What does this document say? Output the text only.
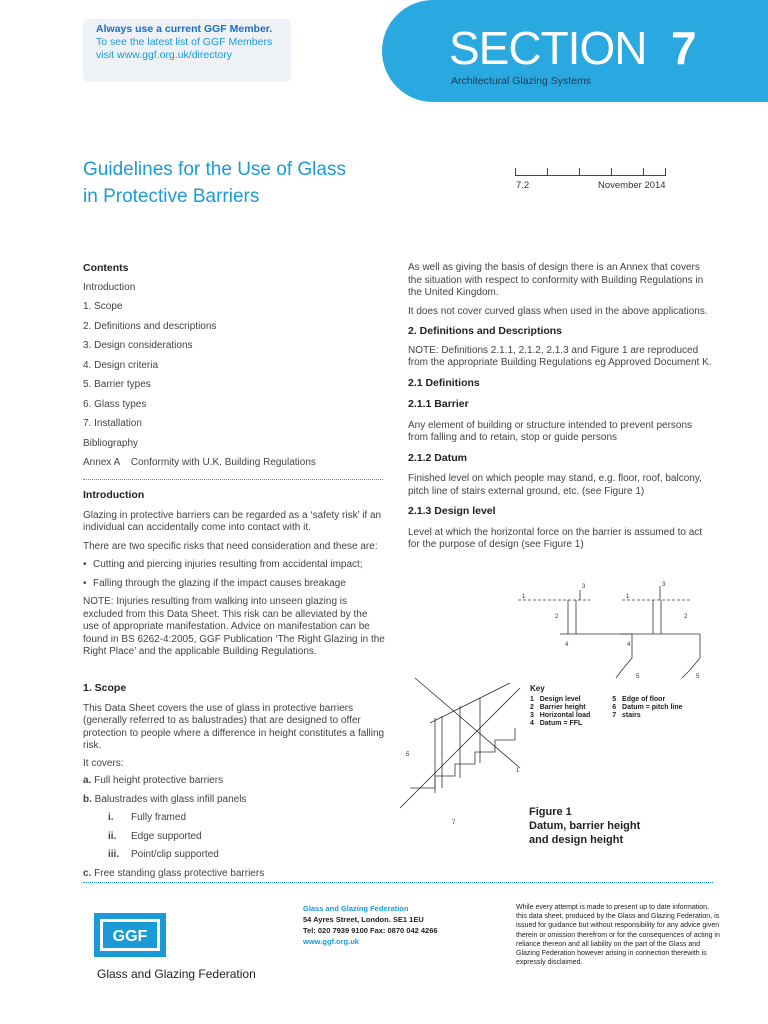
Always use a current GGF Member.
To see the latest list of GGF Members
visit www.ggf.org.uk/directory	SECTION 7
Architectural Glazing Systems
Guidelines for the Use of Glass
in Protective Barriers
7.2	November 2014
Contents
Introduction
1. Scope
2. Definitions and descriptions
3. Design considerations
4. Design criteria
5. Barrier types
6. Glass types
7. Installation
Bibliography
Annex A    Conformity with U.K. Building Regulations
Introduction

Glazing in protective barriers can be regarded as a ‘safety risk’ if an individual can accidentally come into contact with it.

There are two specific risks that need consideration and these are:

• Cutting and piercing injuries resulting from accidental impact;
• Falling through the glazing if the impact causes breakage

NOTE: Injuries resulting from walking into unseen glazing is excluded from this Data Sheet. This risk can be alleviated by the use of appropriate manifestation. Advice on manifestation can be found in BS 6262-4:2005, GGF Publication ‘The Right Glazing in the Right Place’ and the applicable Building Regulations.

1. Scope

This Data Sheet covers the use of glass in protective barriers (generally referred to as balustrades) that are designed to offer protection to people where a difference in height constitutes a falling risk.

It covers:

a. Full height protective barriers
b. Balustrades with glass infill panels
i. Fully framed
ii. Edge supported
iii. Point/clip supported
c. Free standing glass protective barriers

As well as giving the basis of design there is an Annex that covers the situation with respect to conformity with Building Regulations in the United Kingdom.

It does not cover curved glass when used in the above applications.

2. Definitions and Descriptions

NOTE: Definitions 2.1.1, 2.1.2, 2.1.3 and Figure 1 are reproduced from the appropriate Building Regulations eg Approved Document K.

2.1 Definitions
2.1.1 Barrier

Any element of building or structure intended to prevent persons from falling and to retain, stop or guide persons

2.1.2 Datum

Finished level on which people may stand, e.g. floor, roof, balcony, pitch line of stairs external ground, etc. (see Figure 1)

2.1.3 Design level

Level at which the horizontal force on the barrier is assumed to act for the purpose of design (see Figure 1)

1
2
3
4
5
1
2
3
4
5
5
1
7
Key
1   Design level
2   Barrier height
3   Horizontal load
4   Datum = FFL
5   Edge of floor
6   Datum = pitch line
7   stairs
Figure 1
Datum, barrier height
and design height
GGF
Glass and Glazing Federation
Glass and Glazing Federation
54 Ayres Street, London. SE1 1EU
Tel: 020 7939 9100 Fax: 0870 042 4266
www.ggf.org.uk
While every attempt is made to present up to date information, this data sheet, produced by the Glass and Glazing Federation, is issued for guidance but without responsibility for any advice given therein or omission therefrom or for the consequences of acting in reliance thereon and all liability on the part of the Glass and Glazing Federation however arising in connection therewith is expressly disclaimed.
